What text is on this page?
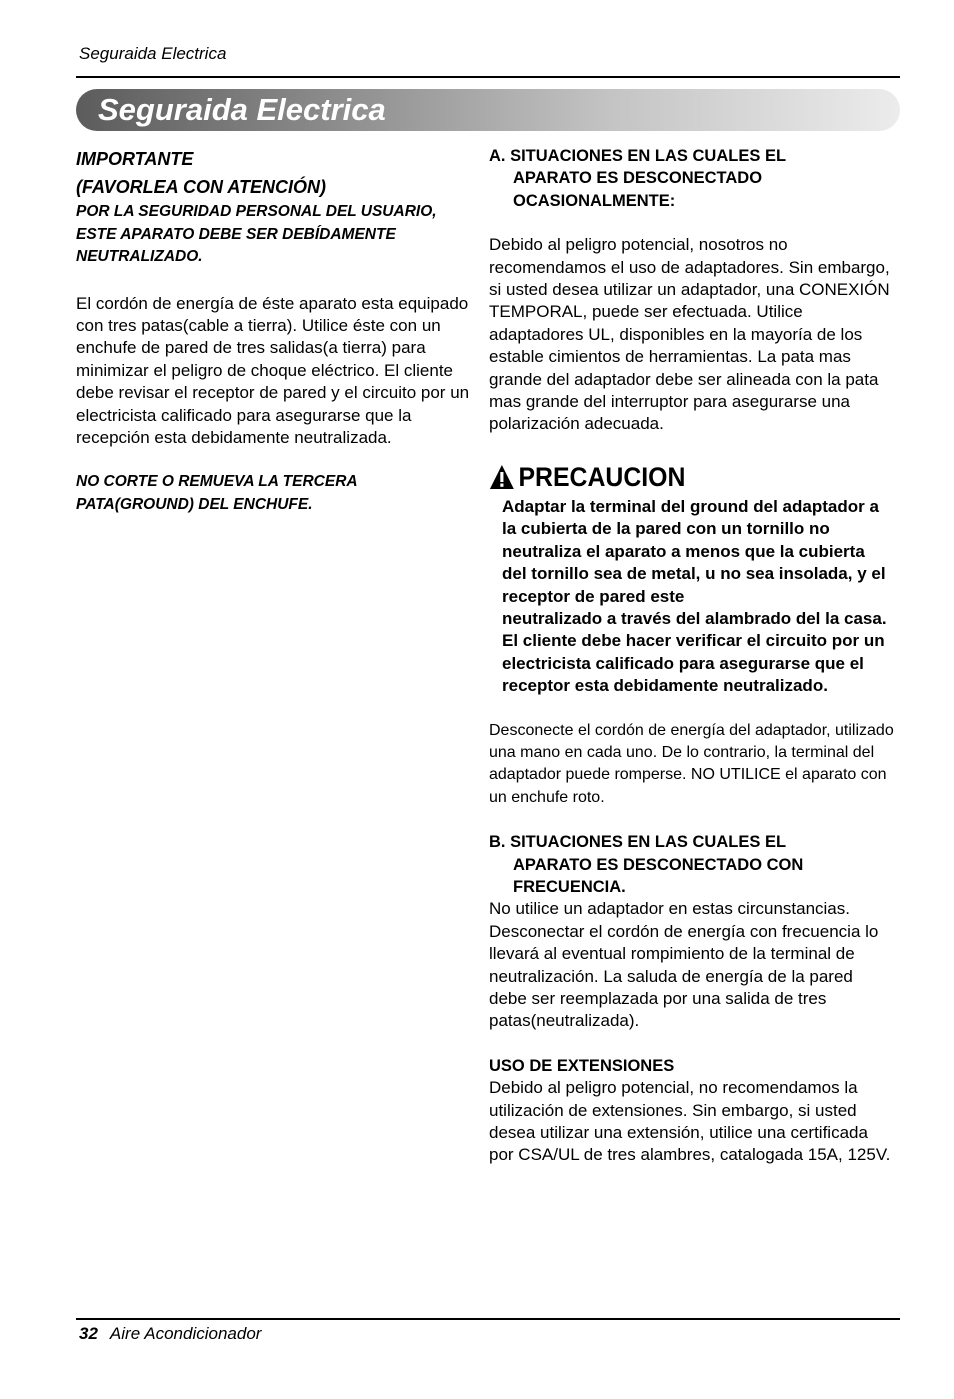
Seguraida Electrica
Seguraida Electrica

IMPORTANTE

(FAVORLEA CON ATENCIÓN)

POR LA SEGURIDAD PERSONAL DEL USUARIO, ESTE APARATO DEBE SER DEBÍDAMENTE NEUTRALIZADO.

El cordón de energía de éste aparato esta equipado con tres patas(cable a tierra). Utilice éste con un enchufe de pared de tres salidas(a tierra) para minimizar el peligro de choque eléctrico. El cliente debe revisar el receptor de pared y el circuito por un electricista calificado para asegurarse que la recepción esta debidamente neutralizada.

NO CORTE O REMUEVA LA TERCERA PATA(GROUND) DEL ENCHUFE.

A. SITUACIONES EN LAS CUALES EL
APARATO ES DESCONECTADO OCASIONALMENTE:

Debido al peligro potencial, nosotros no recomendamos el uso de adaptadores. Sin embargo, si usted desea utilizar un adaptador, una CONEXIÓN TEMPORAL, puede ser efectuada. Utilice adaptadores UL, disponibles en la mayoría de los estable cimientos de herramientas. La pata mas grande del adaptador debe ser alineada con la pata mas grande del interruptor para asegurarse una polarización adecuada.

PRECAUCION

Adaptar la terminal del ground del adaptador a la cubierta de la pared con un tornillo no neutraliza el aparato a menos que la cubierta del tornillo sea de metal, u no sea insolada, y el receptor de pared este

neutralizado a través del alambrado del la casa. El cliente debe hacer verificar el circuito por un electricista calificado para asegurarse que el receptor esta debidamente neutralizado.

Desconecte el cordón de energía del adaptador, utilizado una mano en cada uno. De lo contrario, la terminal del adaptador puede romperse. NO UTILICE el aparato con un enchufe roto.

B. SITUACIONES EN LAS CUALES EL
APARATO ES DESCONECTADO CON FRECUENCIA.

No utilice un adaptador en estas circunstancias. Desconectar el cordón de energía con frecuencia lo llevará al eventual rompimiento de la terminal de neutralización. La saluda de energía de la pared debe ser reemplazada por una salida de tres patas(neutralizada).

USO DE EXTENSIONES

Debido al peligro potencial, no recomendamos la utilización de extensiones. Sin embargo, si usted desea utilizar una extensión, utilice una certificada por CSA/UL de tres alambres, catalogada 15A, 125V.

32 Aire Acondicionador
